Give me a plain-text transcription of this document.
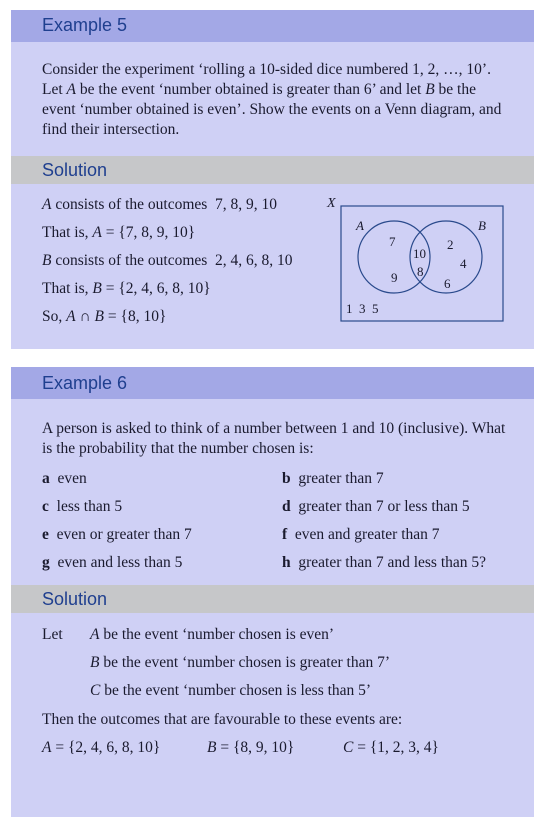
Example 5
Consider the experiment ‘rolling a 10-sided dice numbered 1, 2, …, 10’. Let A be the event ‘number obtained is greater than 6’ and let B be the event ‘number obtained is even’. Show the events on a Venn diagram, and find their intersection.
Solution
A consists of the outcomes  7, 8, 9, 10
That is, A = {7, 8, 9, 10}
B consists of the outcomes  2, 4, 6, 8, 10
That is, B = {2, 4, 6, 8, 10}
So, A ∩ B = {8, 10}
X
A	B
7
9
10
8
2
4
6
1  3  5
Example 6
A person is asked to think of a number between 1 and 10 (inclusive). What is the probability that the number chosen is:
a even	b greater than 7
c less than 5	d greater than 7 or less than 5
e even or greater than 7	f even and greater than 7
g even and less than 5	h greater than 7 and less than 5?
Solution
Let A be the event ‘number chosen is even’
B be the event ‘number chosen is greater than 7’
C be the event ‘number chosen is less than 5’
Then the outcomes that are favourable to these events are:
A = {2, 4, 6, 8, 10}	B = {8, 9, 10}	C = {1, 2, 3, 4}
